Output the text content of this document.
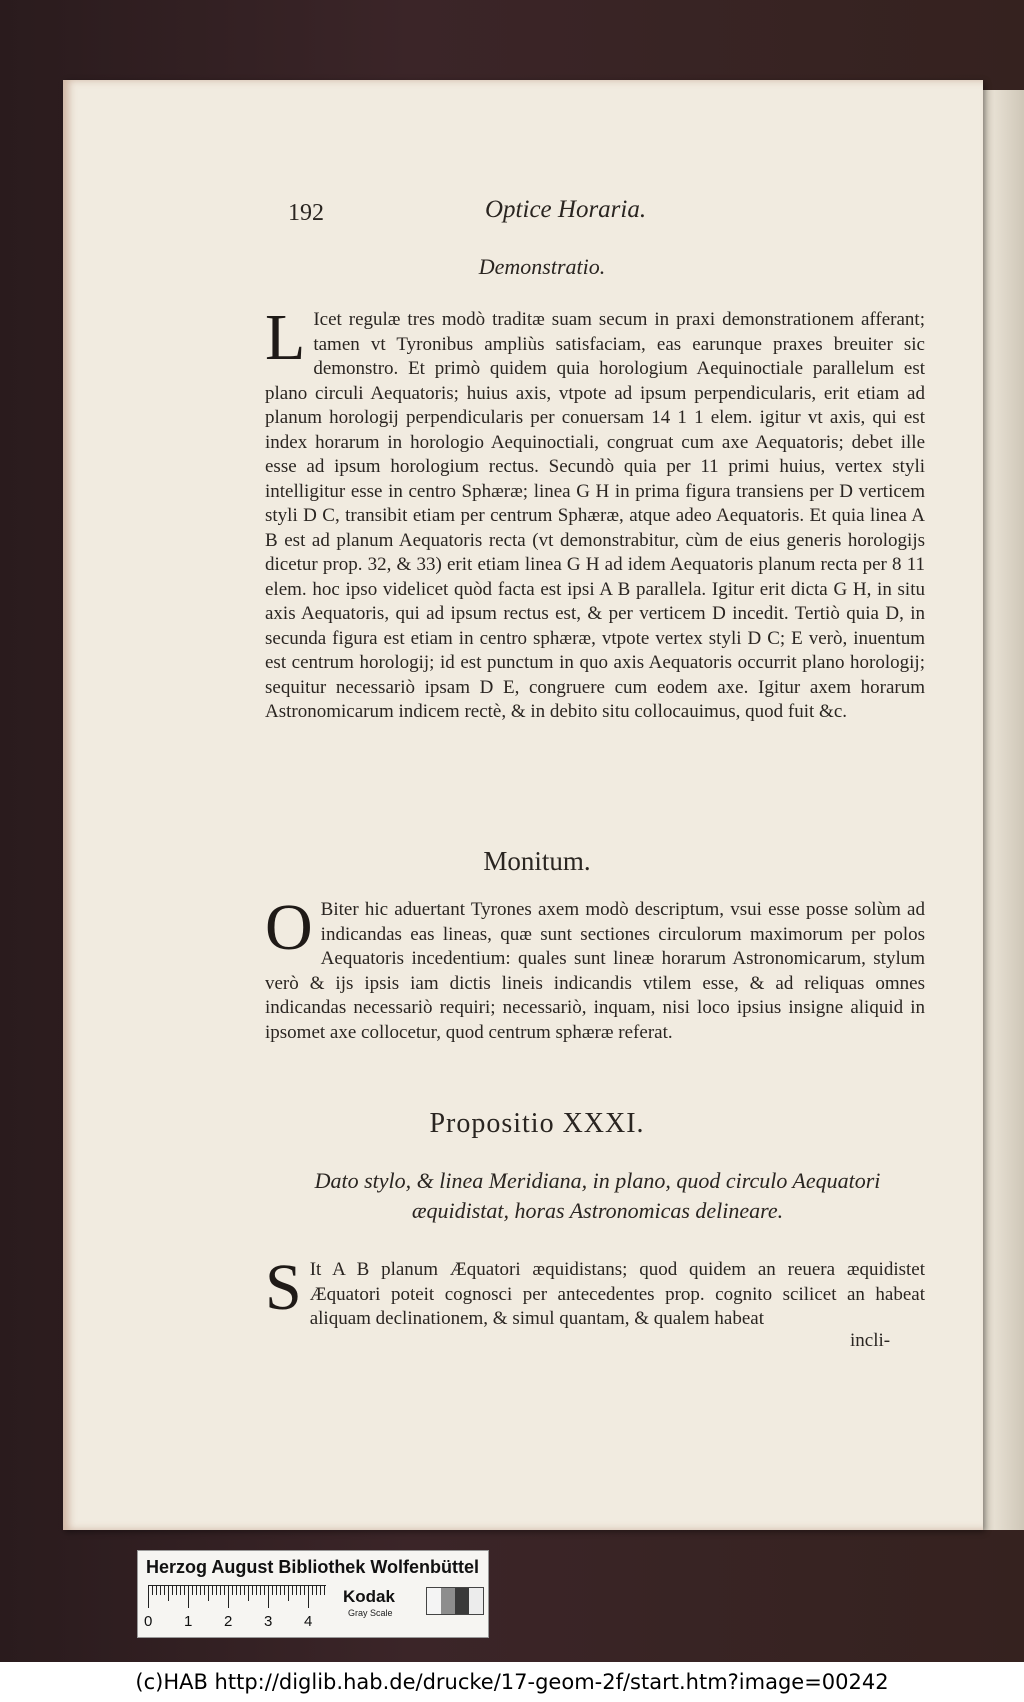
192	Optice Horaria.
Demonstratio.
L Icet regulæ tres modò traditæ suam secum in praxi demonstrationem afferant; tamen vt Tyronibus ampliùs satisfaciam, eas earunque praxes breuiter sic demonstro. Et primò quidem quia horologium Aequinoctiale parallelum est plano circuli Aequatoris; huius axis, vtpote ad ipsum perpendicularis, erit etiam ad planum horologij perpendicularis per conuersam 14 1 1 elem. igitur vt axis, qui est index horarum in horologio Aequinoctiali, congruat cum axe Aequatoris; debet ille esse ad ipsum horologium rectus. Secundò quia per 11 primi huius, vertex styli intelligitur esse in centro Sphæræ; linea G H in prima figura transiens per D verticem styli D C, transibit etiam per centrum Sphæræ, atque adeo Aequatoris. Et quia linea A B est ad planum Aequatoris recta (vt demonstrabitur, cùm de eius generis horologijs dicetur prop. 32, & 33) erit etiam linea G H ad idem Aequatoris planum recta per 8 11 elem. hoc ipso videlicet quòd facta est ipsi A B parallela. Igitur erit dicta G H, in situ axis Aequatoris, qui ad ipsum rectus est, & per verticem D incedit. Tertiò quia D, in secunda figura est etiam in centro sphæræ, vtpote vertex styli D C; E verò, inuentum est centrum horologij; id est punctum in quo axis Aequatoris occurrit plano horologij; sequitur necessariò ipsam D E, congruere cum eodem axe. Igitur axem horarum Astronomicarum indicem rectè, & in debito situ collocauimus, quod fuit &c.
Monitum.
O Biter hic aduertant Tyrones axem modò descriptum, vsui esse posse solùm ad indicandas eas lineas, quæ sunt sectiones circulorum maximorum per polos Aequatoris incedentium: quales sunt lineæ horarum Astronomicarum, stylum verò & ijs ipsis iam dictis lineis indicandis vtilem esse, & ad reliquas omnes indicandas necessariò requiri; necessariò, inquam, nisi loco ipsius insigne aliquid in ipsomet axe collocetur, quod centrum sphæræ referat.
Propositio XXXI.
Dato stylo, & linea Meridiana, in plano, quod circulo Aequatori æquidistat, horas Astronomicas delineare.
S It A B planum Æquatori æquidistans; quod quidem an reuera æquidistet Æquatori poteit cognosci per antecedentes prop. cognito scilicet an habeat aliquam declinationem, & simul quantam, & qualem habeat
incli-
Herzog August Bibliothek Wolfenbüttel
0 1 2 3 4
Kodak
Gray Scale
(c)HAB http://diglib.hab.de/drucke/17-geom-2f/start.htm?image=00242
